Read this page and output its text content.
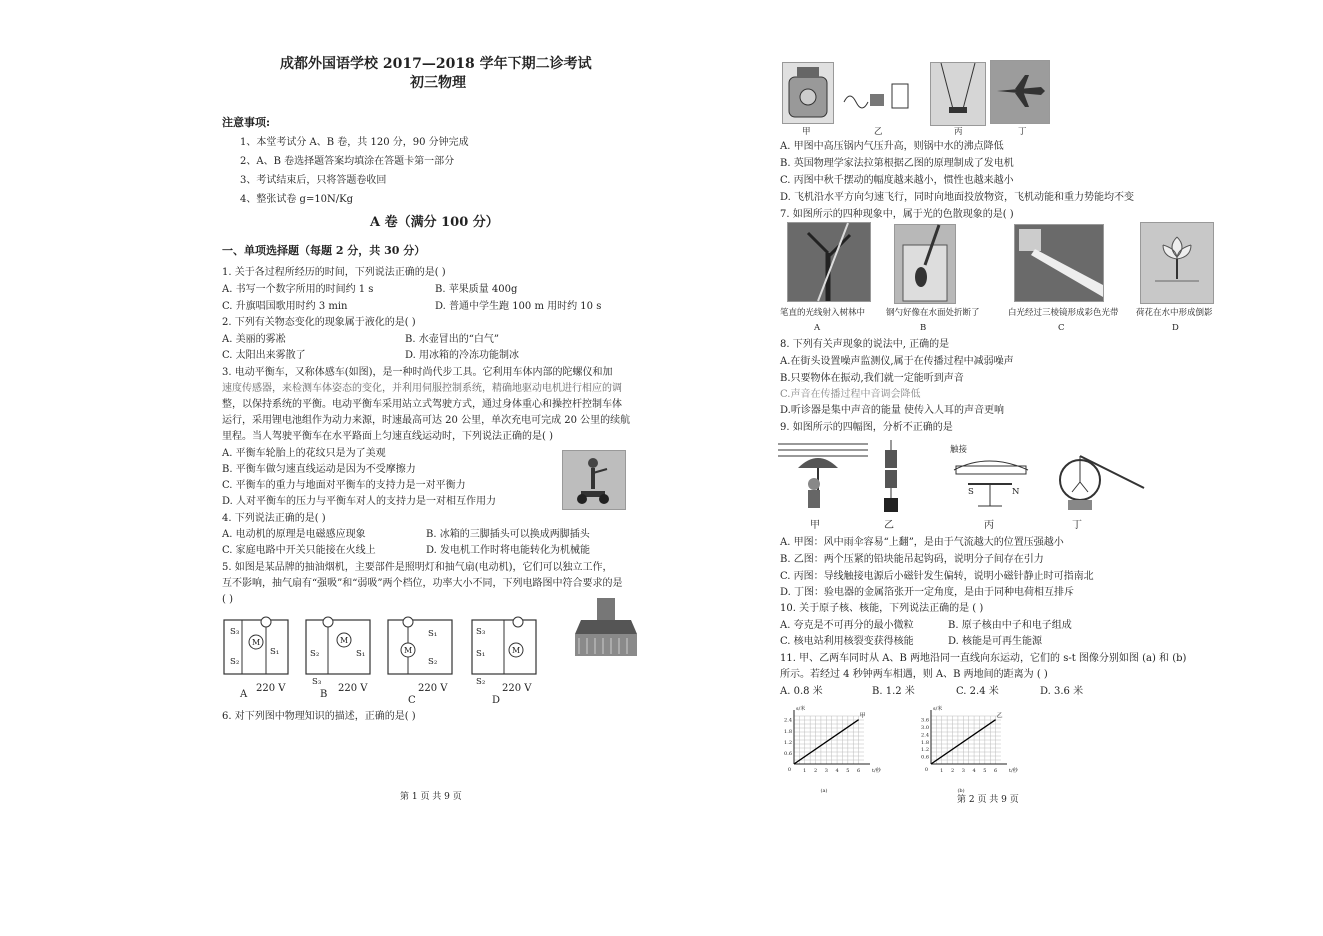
成都外国语学校 2017—2018 学年下期二诊考试
初三物理
注意事项:
1、本堂考试分 A、B 卷，共 120 分，90 分钟完成
2、A、B 卷选择题答案均填涂在答题卡第一部分
3、考试结束后，只将答题卷收回
4、整张试卷 g=10N/Kg
A 卷（满分 100 分）
一、单项选择题（每题 2 分，共 30 分）
1. 关于各过程所经历的时间，下列说法正确的是( )
A. 书写一个数字所用的时间约 1 s	B. 苹果质量 400g
C. 升旗唱国歌用时约 3 min	D. 普通中学生跑 100 m 用时约 10 s
2. 下列有关物态变化的现象属于液化的是( )
A. 美丽的雾凇	B. 水壶冒出的“白气”
C. 太阳出来雾散了	D. 用冰箱的冷冻功能制冰
3. 电动平衡车，又称体感车(如图)，是一种时尚代步工具。它利用车体内部的陀螺仪和加
速度传感器，来检测车体姿态的变化，并利用伺服控制系统，精确地驱动电机进行相应的调
整，以保持系统的平衡。电动平衡车采用站立式驾驶方式，通过身体重心和操控杆控制车体
运行，采用锂电池组作为动力来源，时速最高可达 20 公里，单次充电可完成 20 公里的续航
里程。当人驾驶平衡车在水平路面上匀速直线运动时，下列说法正确的是( )
A. 平衡车轮胎上的花纹只是为了美观
B. 平衡车做匀速直线运动是因为不受摩擦力
C. 平衡车的重力与地面对平衡车的支持力是一对平衡力
D. 人对平衡车的压力与平衡车对人的支持力是一对相互作用力
4. 下列说法正确的是( )
A. 电动机的原理是电磁感应现象	B. 冰箱的三脚插头可以换成两脚插头
C. 家庭电路中开关只能接在火线上	D. 发电机工作时将电能转化为机械能
5. 如图是某品牌的抽油烟机，主要部件是照明灯和抽气扇(电动机)，它们可以独立工作，
互不影响，抽气扇有“强吸”和“弱吸”两个档位，功率大小不同，下列电路图中符合要求的是
( )
M
S₃
S₁
S₂
A
220 V
M
S₂	S₁
S₃
B
220 V
M
S₁
S₂
C
220 V
M
S₃
S₁
S₂
D
220 V
6. 对下列图中物理知识的描述，正确的是( )
第 1 页 共 9 页
甲	乙	丙	丁
A. 甲图中高压锅内气压升高，则锅中水的沸点降低
B. 英国物理学家法拉第根据乙图的原理制成了发电机
C. 丙图中秋千摆动的幅度越来越小，惯性也越来越小
D. 飞机沿水平方向匀速飞行，同时向地面投放物资，飞机动能和重力势能均不变
7. 如图所示的四种现象中，属于光的色散现象的是( )
笔直的光线射入树林中 钢勺好像在水面处折断了	白光经过三棱镜形成彩色光带 荷花在水中形成倒影
A	B	C	D
8. 下列有关声现象的说法中, 正确的是
A.在街头设置噪声监测仪,属于在传播过程中减弱噪声
B.只要物体在振动,我们就一定能听到声音
C.声音在传播过程中音调会降低
D.听诊器是集中声音的能量 使传入人耳的声音更响
9. 如图所示的四幅图，分析不正确的是
触接
S	N
甲	乙	丙	丁
A. 甲图：风中雨伞容易“上翻”，是由于气流越大的位置压强越小
B. 乙图：两个压紧的铅块能吊起钩码，说明分子间存在引力
C. 丙图：导线触接电源后小磁针发生偏转，说明小磁针静止时可指南北
D. 丁图：验电器的金属箔张开一定角度，是由于同种电荷相互排斥
10. 关于原子核、核能，下列说法正确的是 ( )
A. 夸克是不可再分的最小微粒	B. 原子核由中子和电子组成
C. 核电站利用核裂变获得核能	D. 核能是可再生能源
11. 甲、乙两车同时从 A、B 两地沿同一直线向东运动，它们的 s-t 图像分别如图 (a) 和 (b)
所示。若经过 4 秒钟两车相遇，则 A、B 两地间的距离为 ( )
A. 0.8 米	B. 1.2 米	C. 2.4 米	D. 3.6 米
1 2 3 4 5 6
0.6
1.2
1.8
2.4
0
s/米
t/秒
甲
(a)
1 2 3 4 5 6
0.6
1.2
1.8
2.4
3.0
3.6
0
s/米
t/秒
乙
(b)
第 2 页 共 9 页
